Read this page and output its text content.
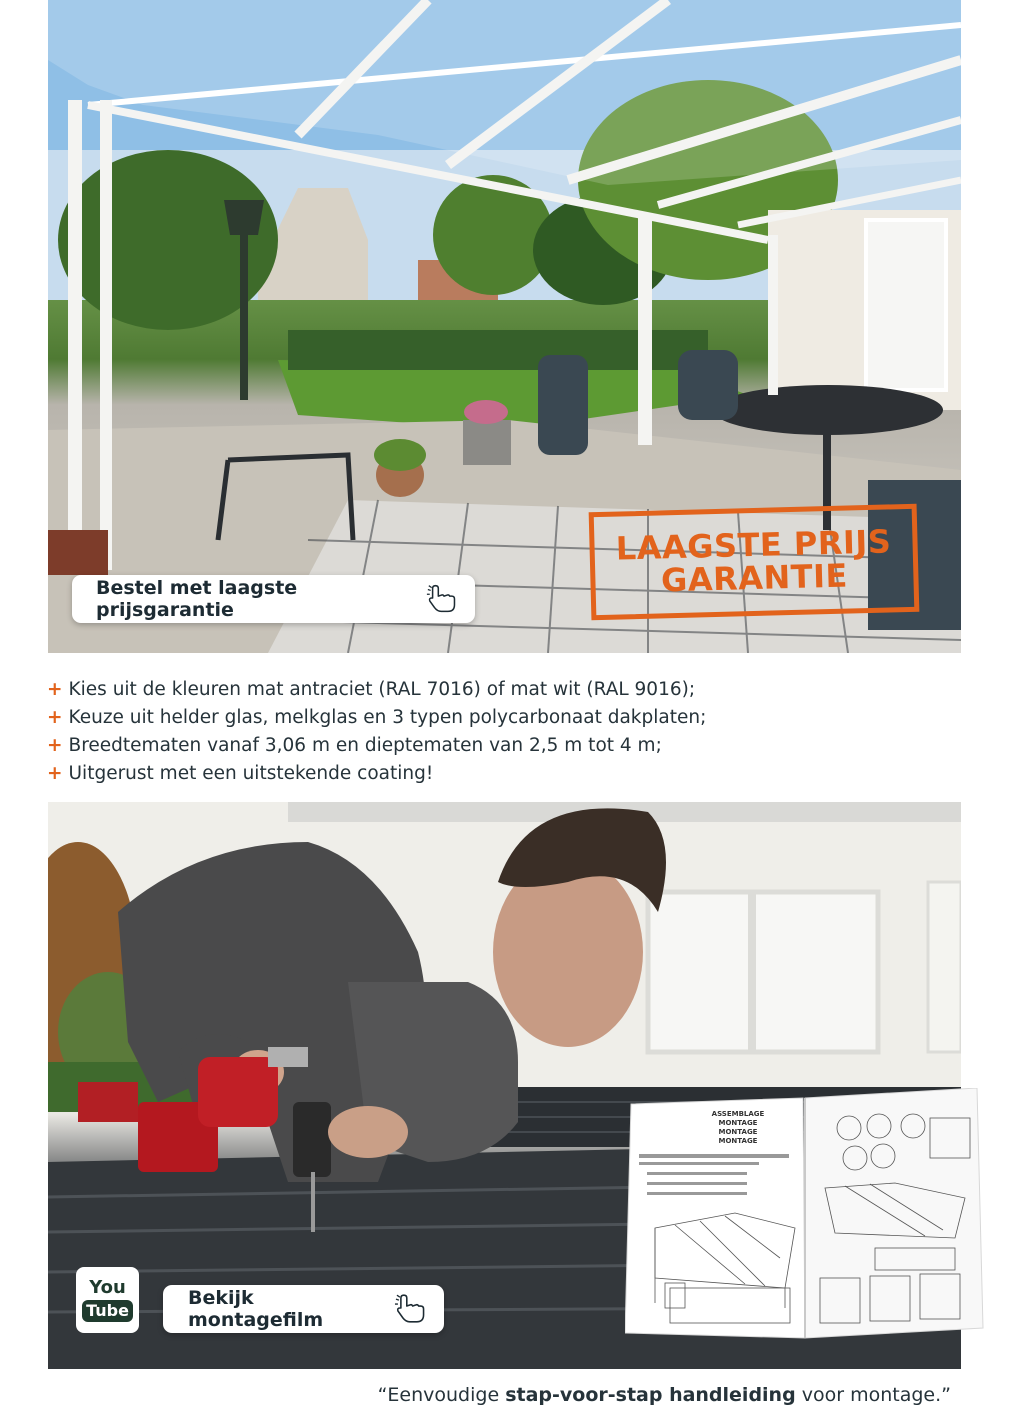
LAAGSTE PRIJS
GARANTIE
Bestel met laagste prijsgarantie
+ Kies uit de kleuren mat antraciet (RAL 7016) of mat wit (RAL 9016);
+ Keuze uit helder glas, melkglas en 3 typen polycarbonaat dakplaten;
+ Breedtematen vanaf 3,06 m en dieptematen van 2,5 m tot 4 m;
+ Uitgerust met een uitstekende coating!
ASSEMBLAGE
MONTAGE
MONTAGE
MONTAGE
You
Tube
Bekijk montagefilm
“Eenvoudige stap-voor-stap handleiding voor montage.”
